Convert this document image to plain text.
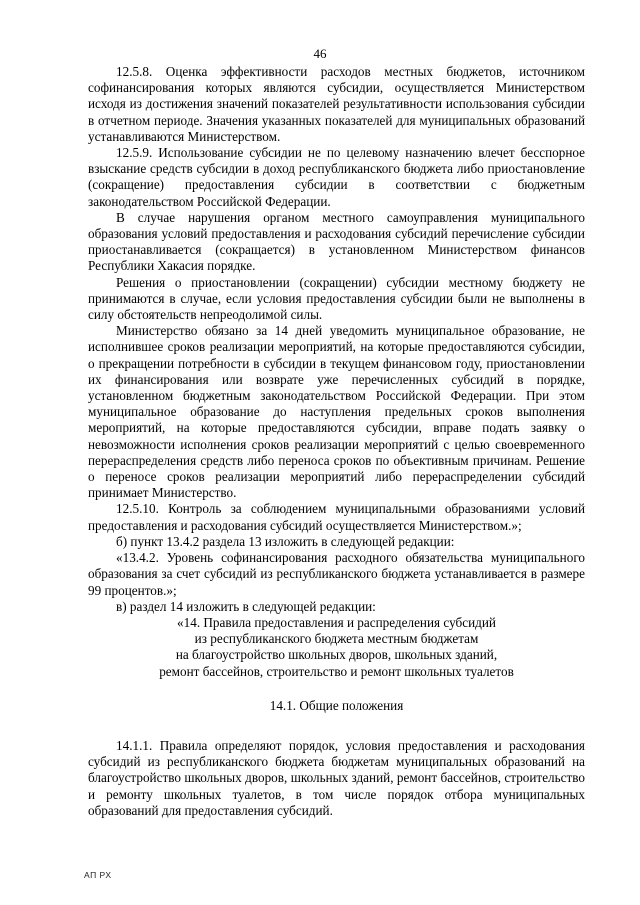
46

12.5.8. Оценка эффективности расходов местных бюджетов, источником софинансирования которых являются субсидии, осуществляется Министерством исходя из достижения значений показателей результативности использования субсидии в отчетном периоде. Значения указанных показателей для муниципальных образований устанавливаются Министерством.

12.5.9. Использование субсидии не по целевому назначению влечет бесспорное взыскание средств субсидии в доход республиканского бюджета либо приостановление (сокращение) предоставления субсидии в соответствии с бюджетным законодательством Российской Федерации.

В случае нарушения органом местного самоуправления муниципального образования условий предоставления и расходования субсидий перечисление субсидии приостанавливается (сокращается) в установленном Министерством финансов Республики Хакасия порядке.

Решения о приостановлении (сокращении) субсидии местному бюджету не принимаются в случае, если условия предоставления субсидии были не выполнены в силу обстоятельств непреодолимой силы.

Министерство обязано за 14 дней уведомить муниципальное образование, не исполнившее сроков реализации мероприятий, на которые предоставляются субсидии, о прекращении потребности в субсидии в текущем финансовом году, приостановлении их финансирования или возврате уже перечисленных субсидий в порядке, установленном бюджетным законодательством Российской Федерации. При этом муниципальное образование до наступления предельных сроков выполнения мероприятий, на которые предоставляются субсидии, вправе подать заявку о невозможности исполнения сроков реализации мероприятий с целью своевременного перераспределения средств либо переноса сроков по объективным причинам. Решение о переносе сроков реализации мероприятий либо перераспределении субсидий принимает Министерство.

12.5.10. Контроль за соблюдением муниципальными образованиями условий предоставления и расходования субсидий осуществляется Министерством.»;

б) пункт 13.4.2 раздела 13 изложить в следующей редакции:

«13.4.2. Уровень софинансирования расходного обязательства муниципального образования за счет субсидий из республиканского бюджета устанавливается в размере 99 процентов.»;

в) раздел 14 изложить в следующей редакции:

«14. Правила предоставления и распределения субсидий

из республиканского бюджета местным бюджетам

на благоустройство школьных дворов, школьных зданий,

ремонт бассейнов, строительство и ремонт школьных туалетов

14.1. Общие положения

14.1.1. Правила определяют порядок, условия предоставления и расходования субсидий из республиканского бюджета бюджетам муниципальных образований на благоустройство школьных дворов, школьных зданий, ремонт бассейнов, строительство и ремонту школьных туалетов, в том числе порядок отбора муниципальных образований для предоставления субсидий.

АП РХ
